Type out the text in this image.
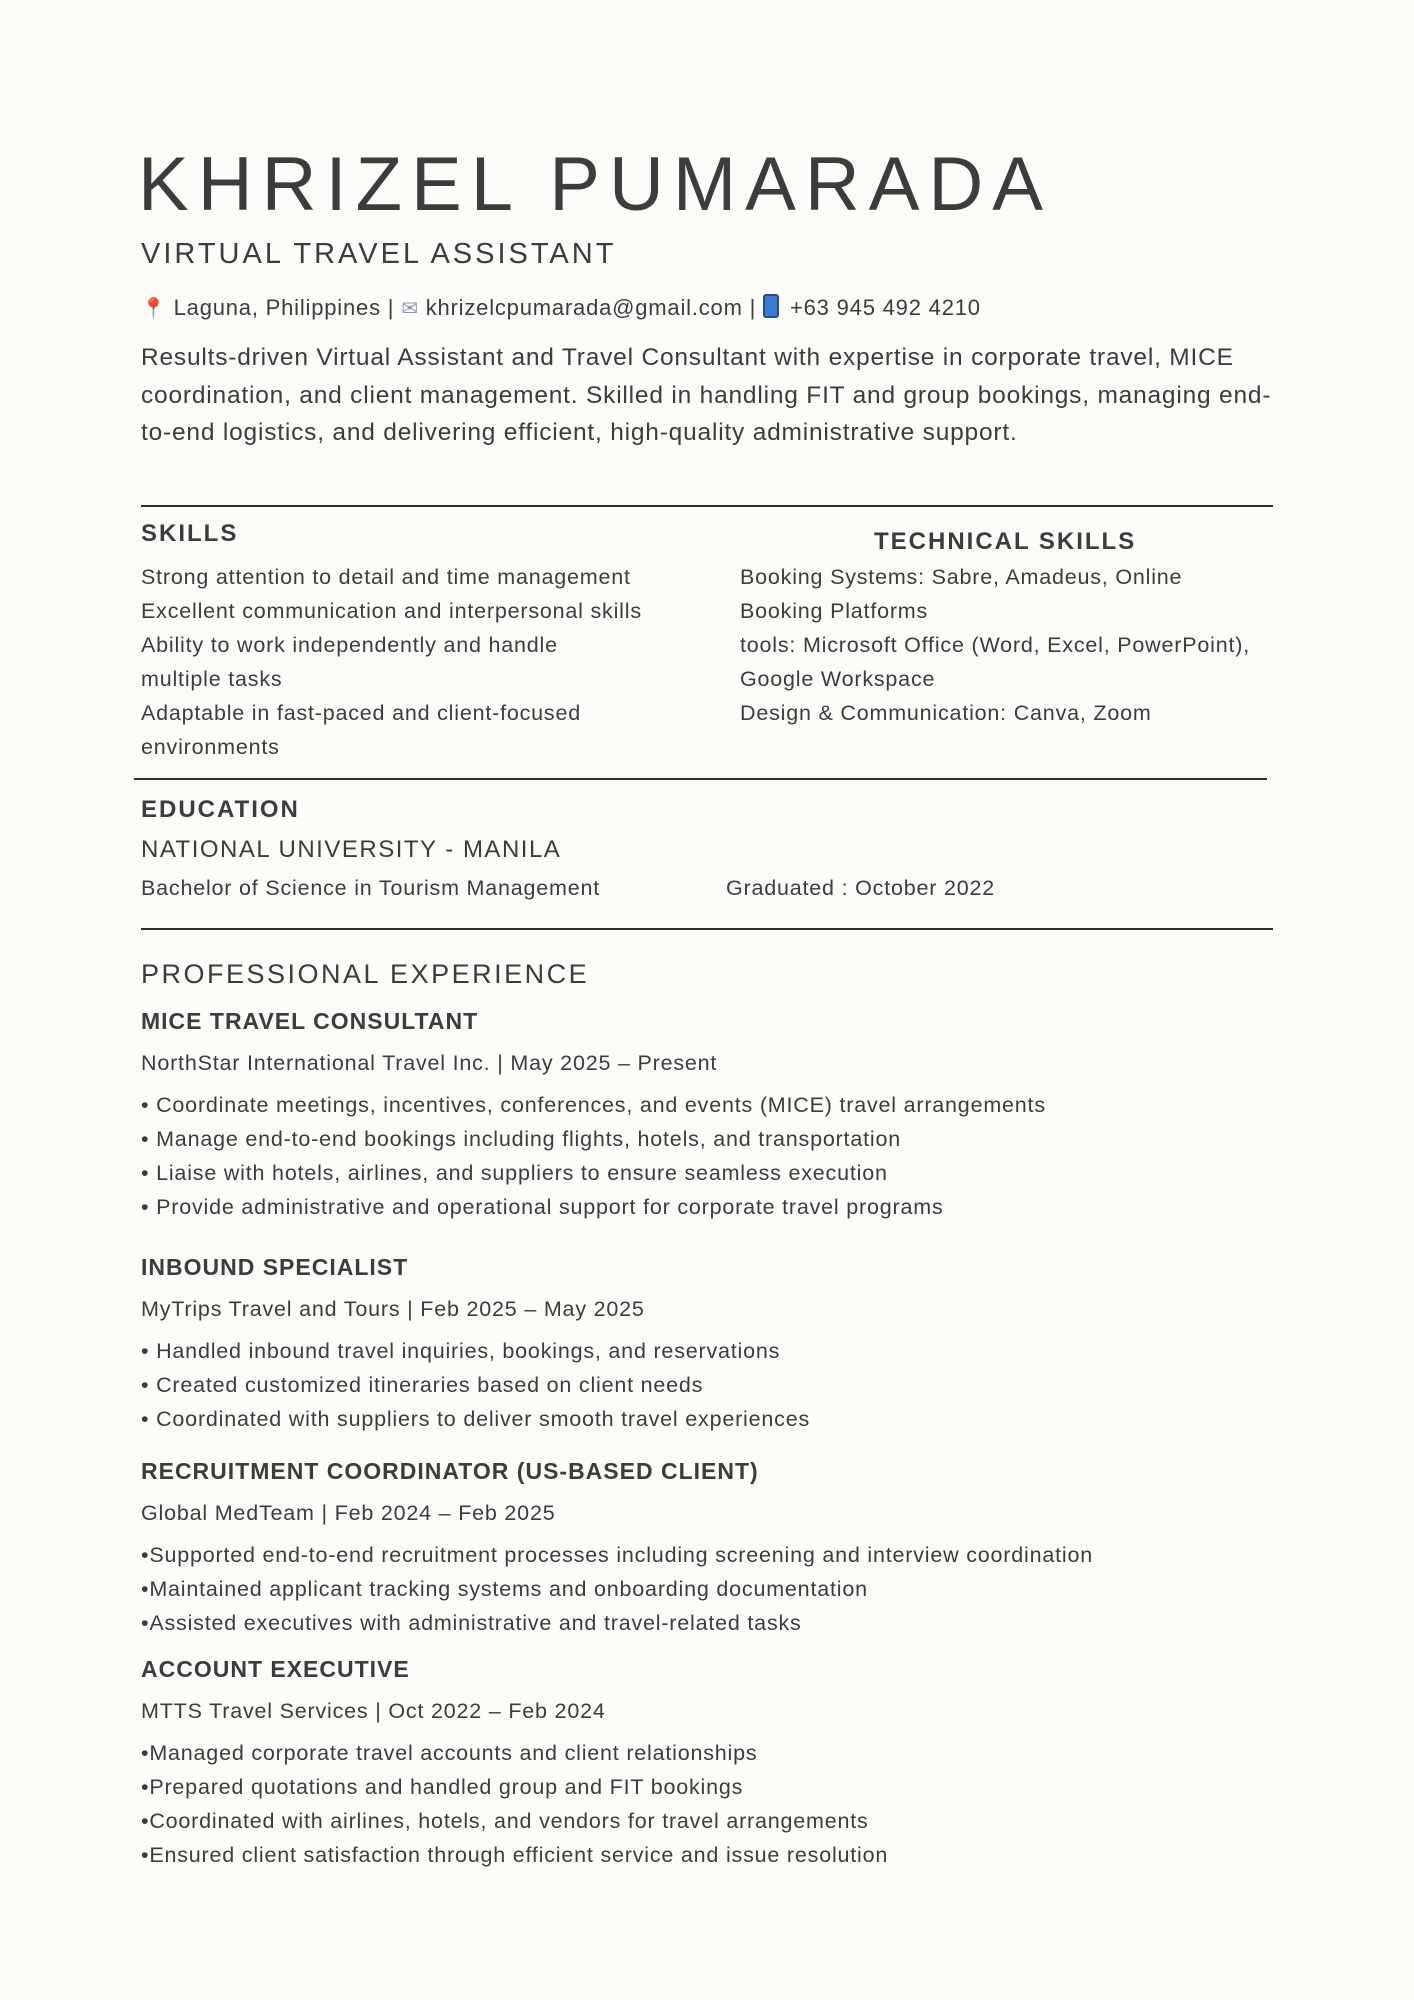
KHRIZEL PUMARADA
VIRTUAL TRAVEL ASSISTANT
📍 Laguna, Philippines | ✉ khrizelcpumarada@gmail.com | +63 945 492 4210
Results-driven Virtual Assistant and Travel Consultant with expertise in corporate travel, MICE coordination, and client management. Skilled in handling FIT and group bookings, managing end-to-end logistics, and delivering efficient, high-quality administrative support.
SKILLS
Strong attention to detail and time management
Excellent communication and interpersonal skills
Ability to work independently and handle
multiple tasks
Adaptable in fast-paced and client-focused
environments
TECHNICAL SKILLS
Booking Systems: Sabre, Amadeus, Online
Booking Platforms
tools: Microsoft Office (Word, Excel, PowerPoint),
Google Workspace
Design & Communication: Canva, Zoom
EDUCATION
NATIONAL UNIVERSITY - MANILA
Bachelor of Science in Tourism Management	Graduated : October 2022
PROFESSIONAL EXPERIENCE
MICE TRAVEL CONSULTANT
NorthStar International Travel Inc. | May 2025 – Present
• Coordinate meetings, incentives, conferences, and events (MICE) travel arrangements
• Manage end-to-end bookings including flights, hotels, and transportation
• Liaise with hotels, airlines, and suppliers to ensure seamless execution
• Provide administrative and operational support for corporate travel programs
INBOUND SPECIALIST
MyTrips Travel and Tours | Feb 2025 – May 2025
• Handled inbound travel inquiries, bookings, and reservations
• Created customized itineraries based on client needs
• Coordinated with suppliers to deliver smooth travel experiences
RECRUITMENT COORDINATOR (US-BASED CLIENT)
Global MedTeam | Feb 2024 – Feb 2025
•Supported end-to-end recruitment processes including screening and interview coordination
•Maintained applicant tracking systems and onboarding documentation
•Assisted executives with administrative and travel-related tasks
ACCOUNT EXECUTIVE
MTTS Travel Services | Oct 2022 – Feb 2024
•Managed corporate travel accounts and client relationships
•Prepared quotations and handled group and FIT bookings
•Coordinated with airlines, hotels, and vendors for travel arrangements
•Ensured client satisfaction through efficient service and issue resolution
